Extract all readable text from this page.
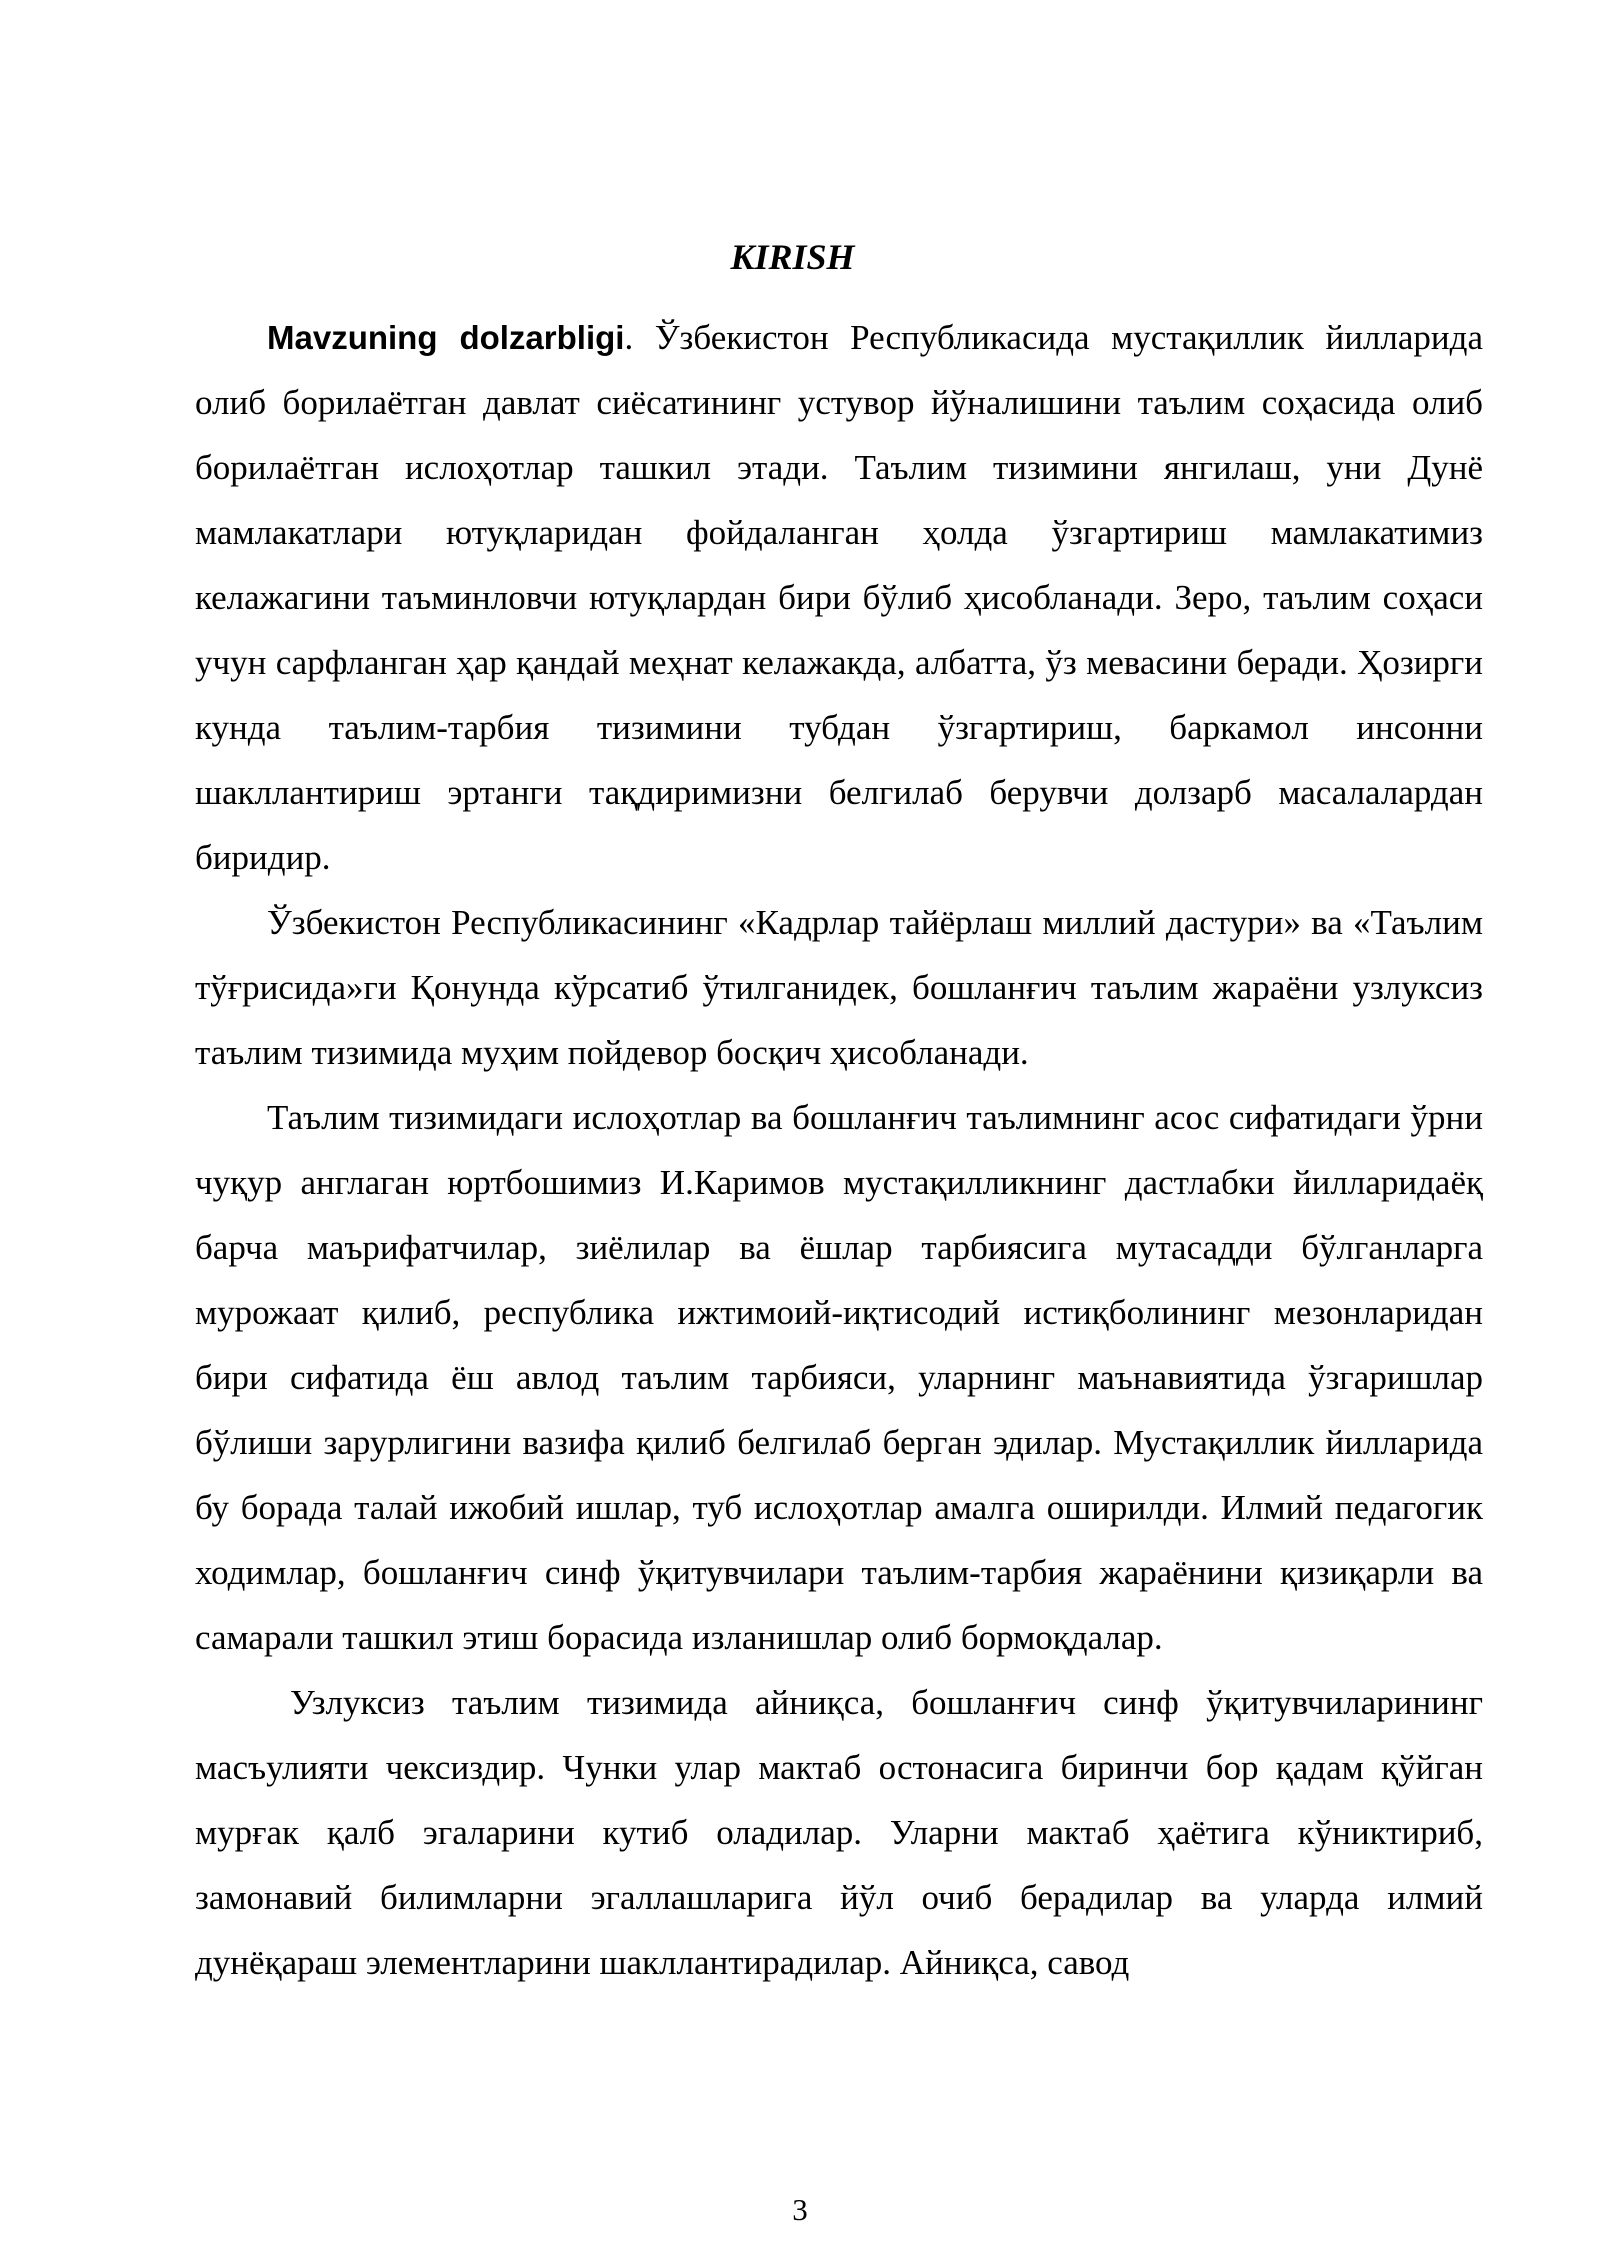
KIRISH

Mavzuning dolzarbligi. Ўзбекистон Республикасида мустақиллик йилларида олиб борилаётган давлат сиёсатининг устувор йўналишини таълим соҳасида олиб борилаётган ислоҳотлар ташкил этади. Таълим тизимини янгилаш, уни Дунё мамлакатлари ютуқларидан фойдаланган ҳолда ўзгартириш мамлакатимиз келажагини таъминловчи ютуқлардан бири бўлиб ҳисобланади. Зеро, таълим соҳаси учун сарфланган ҳар қандай меҳнат келажакда, албатта, ўз мевасини беради. Ҳозирги кунда таълим-тарбия тизимини тубдан ўзгартириш, баркамол инсонни шакллантириш эртанги тақдиримизни белгилаб берувчи долзарб масалалардан биридир.

Ўзбекистон Республикасининг «Кадрлар тайёрлаш миллий дастури» ва «Таълим тўғрисида»ги Қонунда кўрсатиб ўтилганидек, бошланғич таълим жараёни узлуксиз таълим тизимида муҳим пойдевор босқич ҳисобланади.

Таълим тизимидаги ислоҳотлар ва бошланғич таълимнинг асос сифатидаги ўрни чуқур англаган юртбошимиз И.Каримов мустақилликнинг дастлабки йилларидаёқ барча маърифатчилар, зиёлилар ва ёшлар тарбиясига мутасадди бўлганларга мурожаат қилиб, республика ижтимоий-иқтисодий истиқболининг мезонларидан бири сифатида ёш авлод таълим тарбияси, уларнинг маънавиятида ўзгаришлар бўлиши зарурлигини вазифа қилиб белгилаб берган эдилар. Мустақиллик йилларида бу борада талай ижобий ишлар, туб ислоҳотлар амалга оширилди. Илмий педагогик ходимлар, бошланғич синф ўқитувчилари таълим-тарбия жараёнини қизиқарли ва самарали ташкил этиш борасида изланишлар олиб бормоқдалар.

Узлуксиз таълим тизимида айниқса, бошланғич синф ўқитувчиларининг масъулияти чексиздир. Чунки улар мактаб остонасига биринчи бор қадам қўйган мурғак қалб эгаларини кутиб оладилар. Уларни мактаб ҳаётига кўниктириб, замонавий билимларни эгаллашларига йўл очиб берадилар ва уларда илмий дунёқараш элементларини шакллантирадилар. Айниқса, савод

3
